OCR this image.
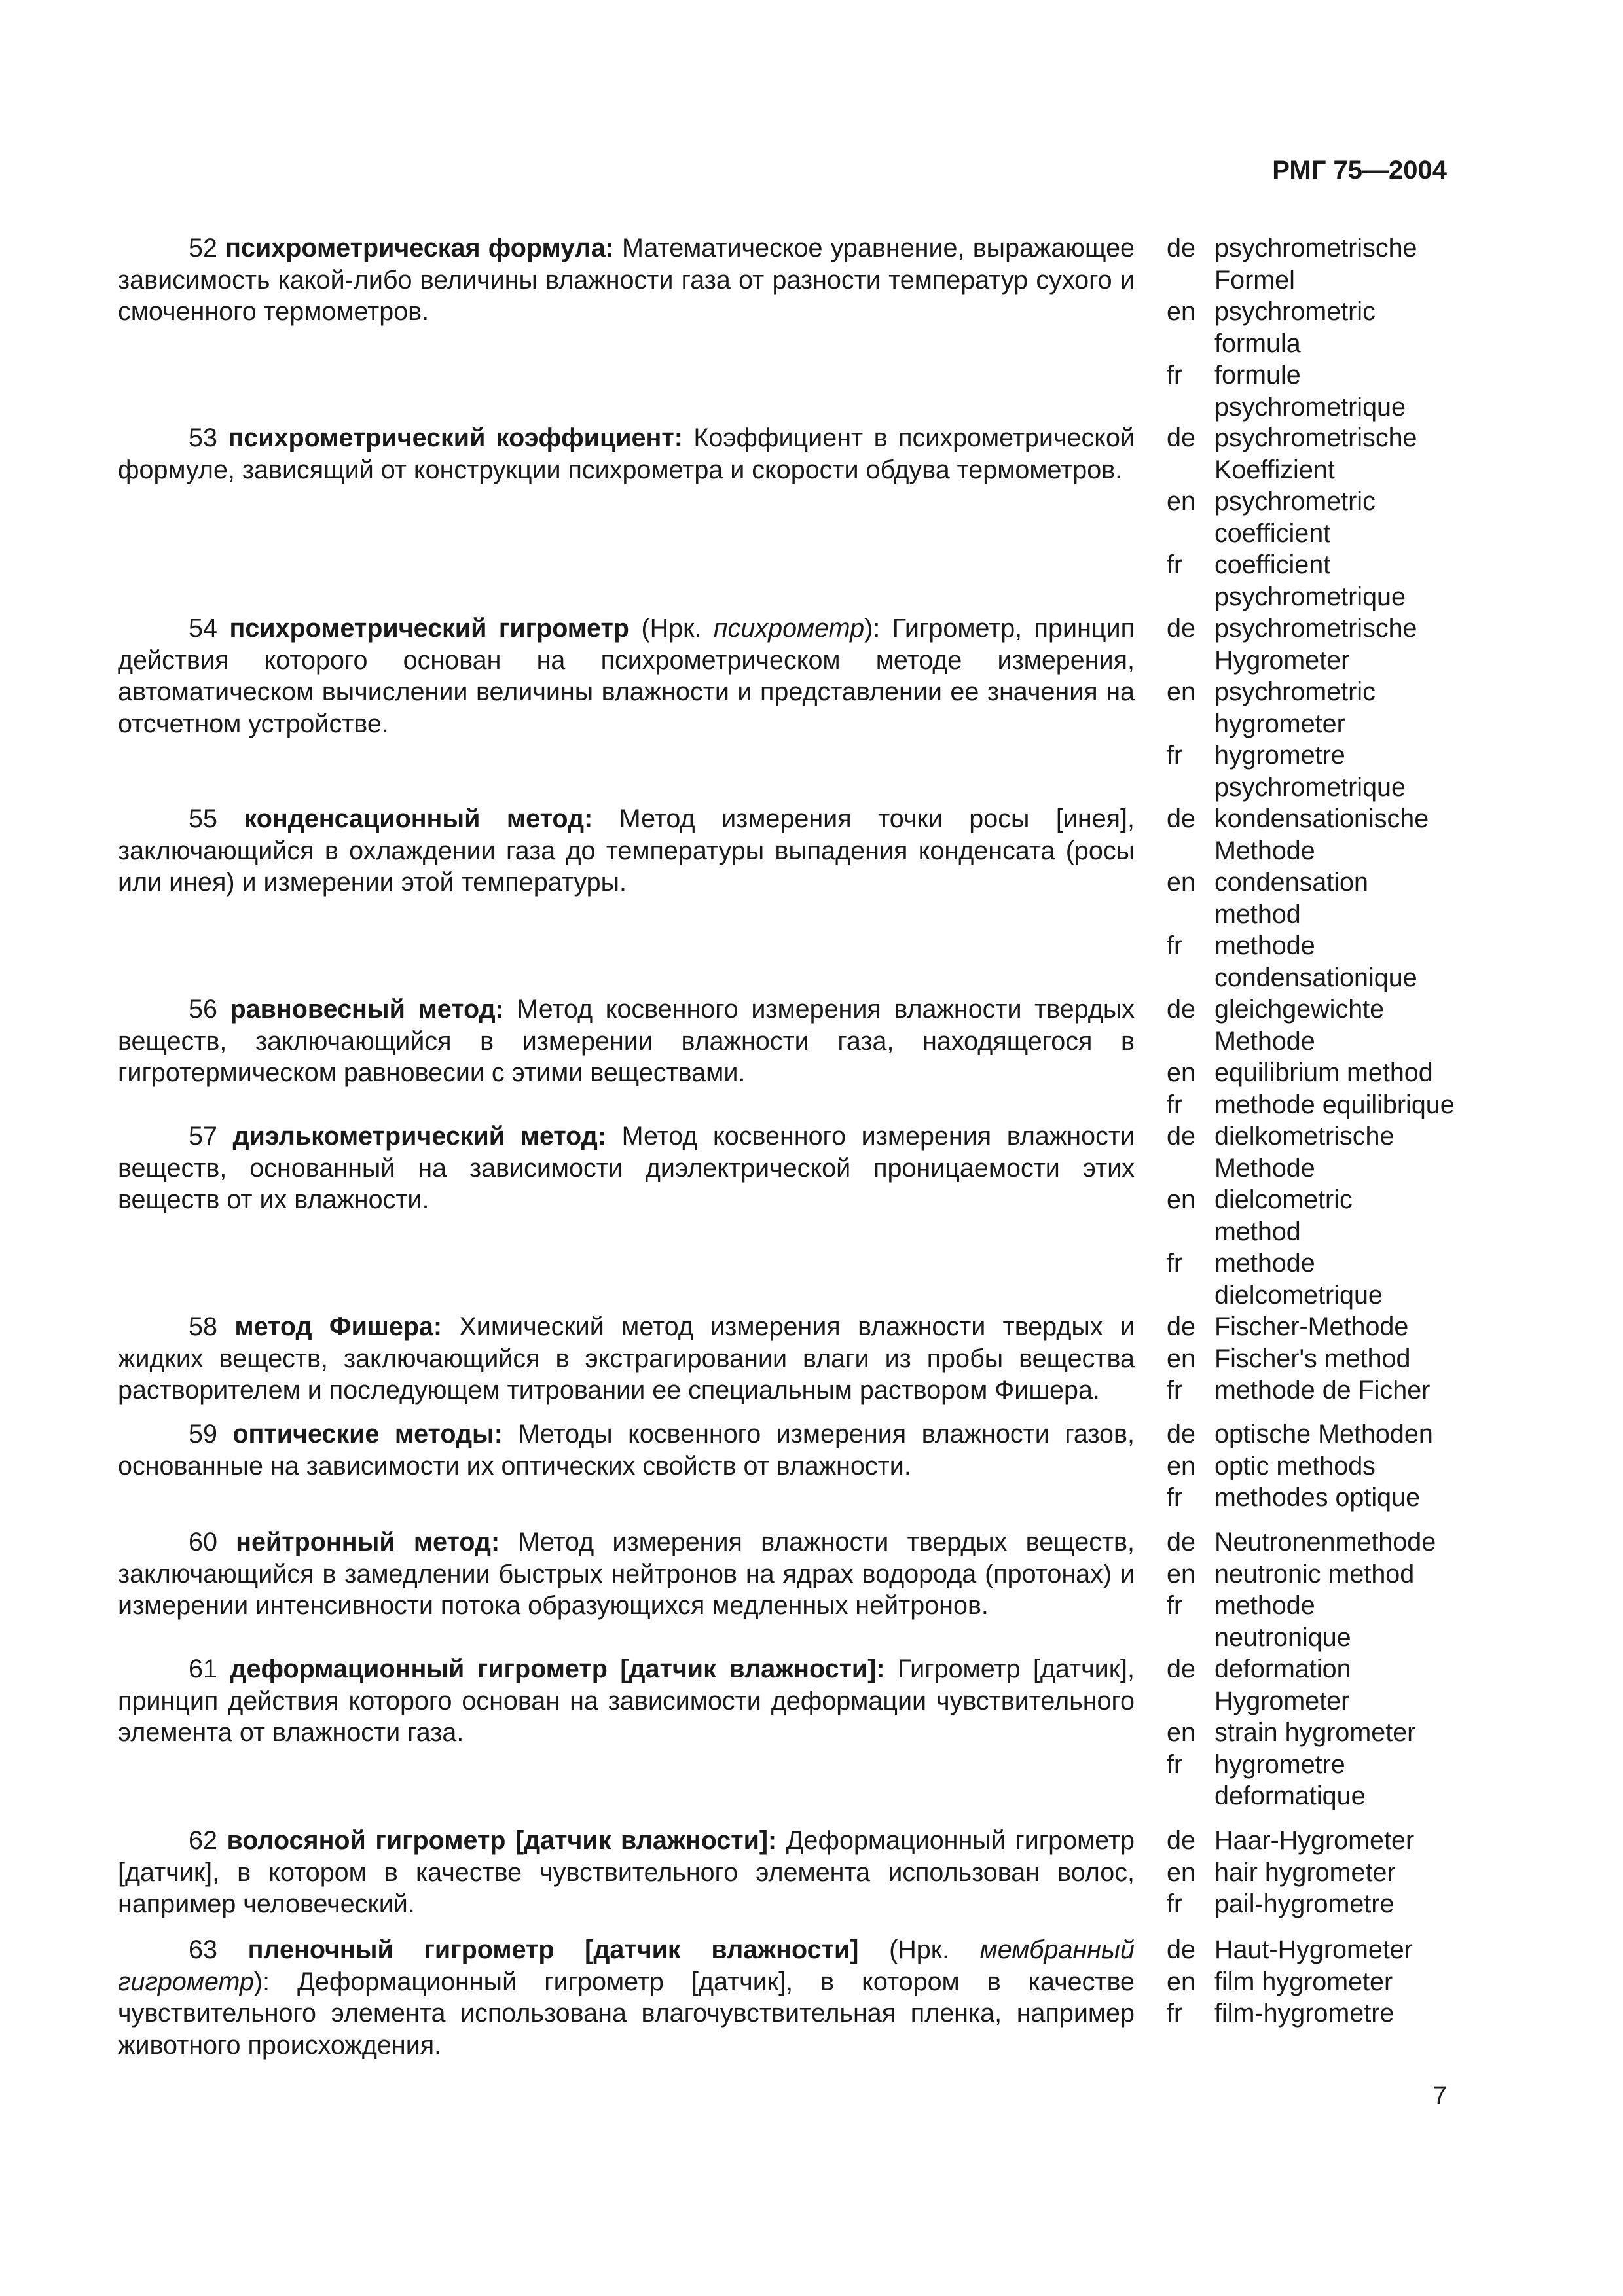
РМГ 75—2004

52 психрометрическая формула: Математическое уравнение, выражающее зависимость какой-либо величины влажности газа от разности температур сухого и смоченного термометров.

de psychrometrische
Formel
en psychrometric
formula
fr	formule
psychrometrique

53 психрометрический коэффициент: Коэффициент в психрометрической формуле, зависящий от конструкции психрометра и скорости обдува термометров.

de psychrometrische
Koeffizient
en psychrometric
coefficient
fr	coefficient
psychrometrique

54 психрометрический гигрометр (Нрк. психрометр): Гигрометр, принцип действия которого основан на психрометрическом методе измерения, автоматическом вычислении величины влажности и представлении ее значения на отсчетном устройстве.

de psychrometrische
Hygrometer
en psychrometric
hygrometer
fr	hygrometre
psychrometrique

55 конденсационный метод: Метод измерения точки росы [инея], заключающийся в охлаждении газа до температуры выпадения конденсата (росы или инея) и измерении этой температуры.

de kondensationische
Methode
en condensation
method
fr	methode
condensationique

56 равновесный метод: Метод косвенного измерения влажности твердых веществ, заключающийся в измерении влажности газа, находящегося в гигротермическом равновесии с этими веществами.

de gleichgewichte
Methode
en equilibrium method
fr	methode equilibrique

57 диэлькометрический метод: Метод косвенного измерения влажности веществ, основанный на зависимости диэлектрической проницаемости этих веществ от их влажности.

de dielkometrische
Methode
en dielcometric
method
fr	methode
dielcometrique

58 метод Фишера: Химический метод измерения влажности твердых и жидких веществ, заключающийся в экстрагировании влаги из пробы вещества растворителем и последующем титровании ее специальным раствором Фишера.

de Fischer-Methode
en Fischer's method
fr	methode de Ficher

59 оптические методы: Методы косвенного измерения влажности газов, основанные на зависимости их оптических свойств от влажности.

de optische Methoden
en optic methods
fr	methodes optique

60 нейтронный метод: Метод измерения влажности твердых веществ, заключающийся в замедлении быстрых нейтронов на ядрах водорода (протонах) и измерении интенсивности потока образующихся медленных нейтронов.

de Neutronenmethode
en neutronic method
fr	methode
neutronique

61 деформационный гигрометр [датчик влажности]: Гигрометр [датчик], принцип действия которого основан на зависимости деформации чувствительного элемента от влажности газа.

de deformation
Hygrometer
en strain hygrometer
fr	hygrometre
deformatique

62 волосяной гигрометр [датчик влажности]: Деформационный гигрометр [датчик], в котором в качестве чувствительного элемента использован волос, например человеческий.

de Haar-Hygrometer
en hair hygrometer
fr	pail-hygrometre

63 пленочный гигрометр [датчик влажности] (Нрк. мембранный гигрометр): Деформационный гигрометр [датчик], в котором в качестве чувствительного элемента использована влагочувствительная пленка, например животного происхождения.

de Haut-Hygrometer
en film hygrometer
fr	film-hygrometre
7
